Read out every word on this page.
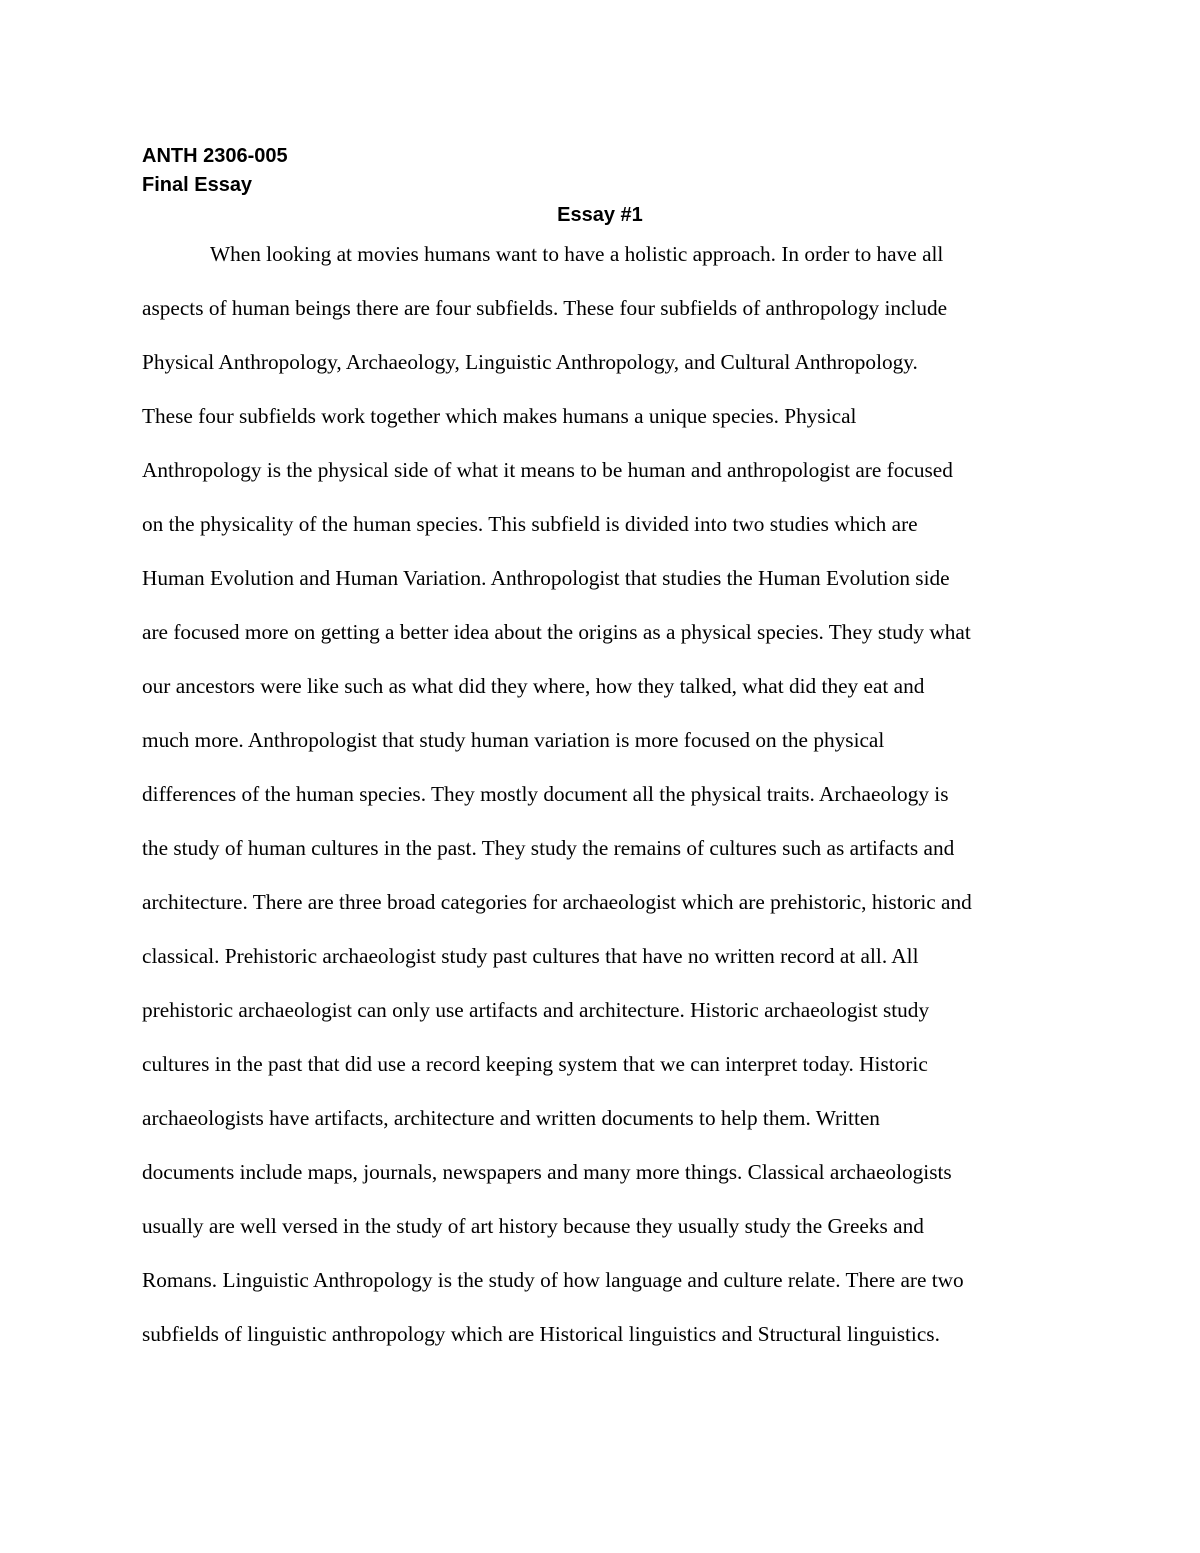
ANTH 2306-005
Final Essay
Essay #1
When looking at movies humans want to have a holistic approach. In order to have all
aspects of human beings there are four subfields. These four subfields of anthropology include
Physical Anthropology, Archaeology, Linguistic Anthropology, and Cultural Anthropology.
These four subfields work together which makes humans a unique species. Physical
Anthropology is the physical side of what it means to be human and anthropologist are focused
on the physicality of the human species. This subfield is divided into two studies which are
Human Evolution and Human Variation. Anthropologist that studies the Human Evolution side
are focused more on getting a better idea about the origins as a physical species. They study what
our ancestors were like such as what did they where, how they talked, what did they eat and
much more. Anthropologist that study human variation is more focused on the physical
differences of the human species. They mostly document all the physical traits. Archaeology is
the study of human cultures in the past. They study the remains of cultures such as artifacts and
architecture. There are three broad categories for archaeologist which are prehistoric, historic and
classical. Prehistoric archaeologist study past cultures that have no written record at all. All
prehistoric archaeologist can only use artifacts and architecture. Historic archaeologist study
cultures in the past that did use a record keeping system that we can interpret today. Historic
archaeologists have artifacts, architecture and written documents to help them. Written
documents include maps, journals, newspapers and many more things. Classical archaeologists
usually are well versed in the study of art history because they usually study the Greeks and
Romans. Linguistic Anthropology is the study of how language and culture relate. There are two
subfields of linguistic anthropology which are Historical linguistics and Structural linguistics.
